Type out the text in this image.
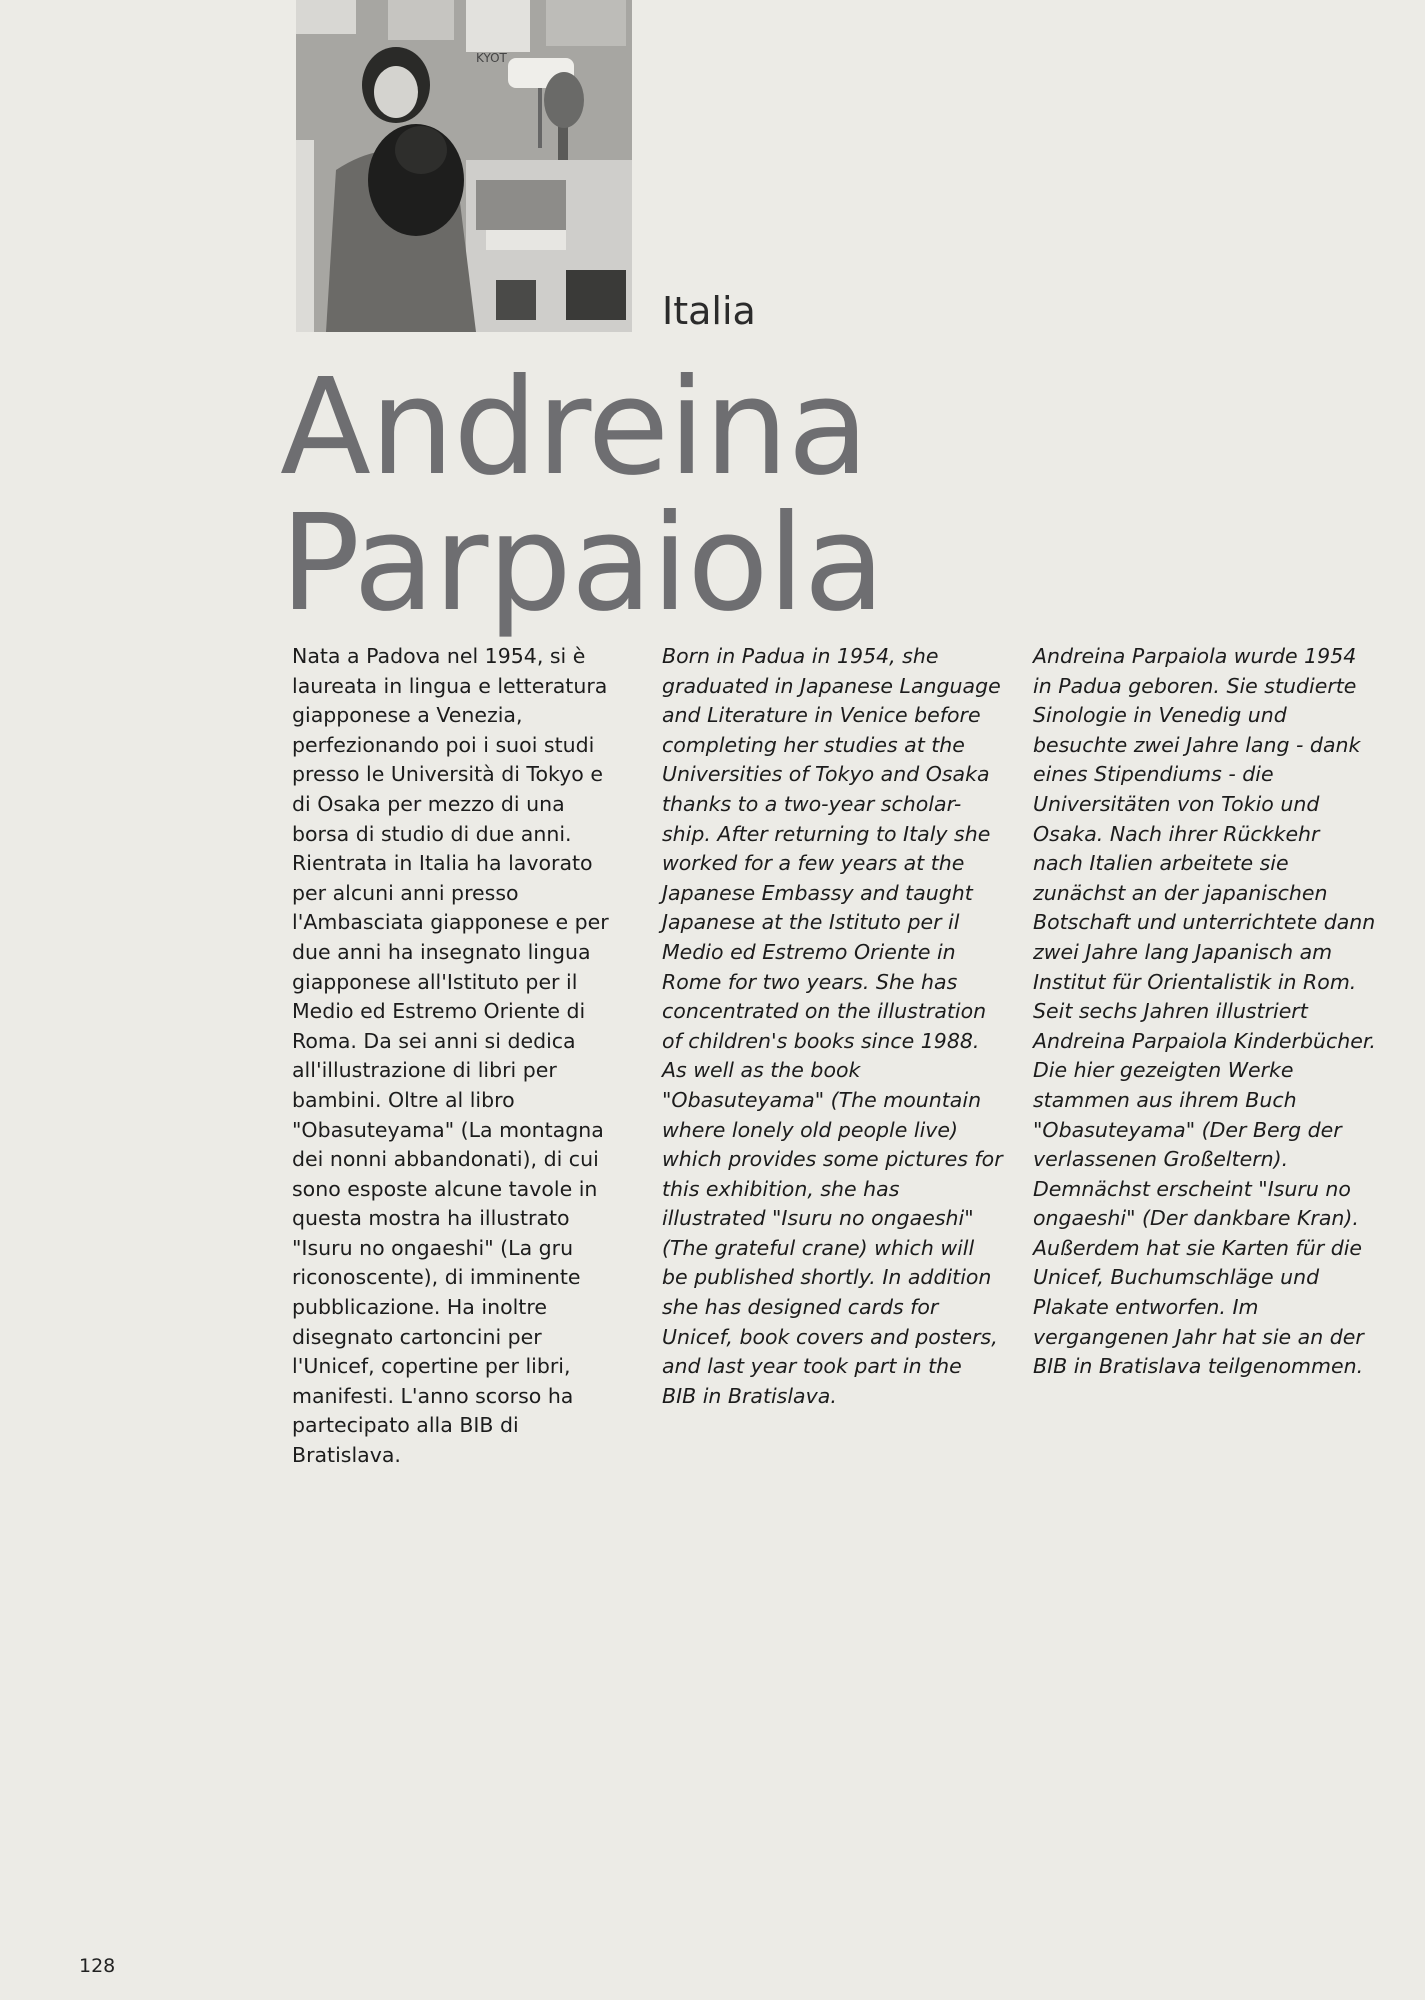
KYOT
Italia
Andreina
Parpaiola
Nata a Padova nel 1954, si è
laureata in lingua e letteratura
giapponese a Venezia,
perfezionando poi i suoi studi
presso le Università di Tokyo e
di Osaka per mezzo di una
borsa di studio di due anni.
Rientrata in Italia ha lavorato
per alcuni anni presso
l'Ambasciata giapponese e per
due anni ha insegnato lingua
giapponese all'Istituto per il
Medio ed Estremo Oriente di
Roma. Da sei anni si dedica
all'illustrazione di libri per
bambini. Oltre al libro
"Obasuteyama" (La montagna
dei nonni abbandonati), di cui
sono esposte alcune tavole in
questa mostra ha illustrato
"Isuru no ongaeshi" (La gru
riconoscente), di imminente
pubblicazione. Ha inoltre
disegnato cartoncini per
l'Unicef, copertine per libri,
manifesti. L'anno scorso ha
partecipato alla BIB di
Bratislava.
Born in Padua in 1954, she
graduated in Japanese Language
and Literature in Venice before
completing her studies at the
Universities of Tokyo and Osaka
thanks to a two-year scholar-
ship. After returning to Italy she
worked for a few years at the
Japanese Embassy and taught
Japanese at the Istituto per il
Medio ed Estremo Oriente in
Rome for two years. She has
concentrated on the illustration
of children's books since 1988.
As well as the book
"Obasuteyama" (The mountain
where lonely old people live)
which provides some pictures for
this exhibition, she has
illustrated "Isuru no ongaeshi"
(The grateful crane) which will
be published shortly. In addition
she has designed cards for
Unicef, book covers and posters,
and last year took part in the
BIB in Bratislava.
Andreina Parpaiola wurde 1954
in Padua geboren. Sie studierte
Sinologie in Venedig und
besuchte zwei Jahre lang - dank
eines Stipendiums - die
Universitäten von Tokio und
Osaka. Nach ihrer Rückkehr
nach Italien arbeitete sie
zunächst an der japanischen
Botschaft und unterrichtete dann
zwei Jahre lang Japanisch am
Institut für Orientalistik in Rom.
Seit sechs Jahren illustriert
Andreina Parpaiola Kinderbücher.
Die hier gezeigten Werke
stammen aus ihrem Buch
"Obasuteyama" (Der Berg der
verlassenen Großeltern).
Demnächst erscheint "Isuru no
ongaeshi" (Der dankbare Kran).
Außerdem hat sie Karten für die
Unicef, Buchumschläge und
Plakate entworfen. Im
vergangenen Jahr hat sie an der
BIB in Bratislava teilgenommen.
128
